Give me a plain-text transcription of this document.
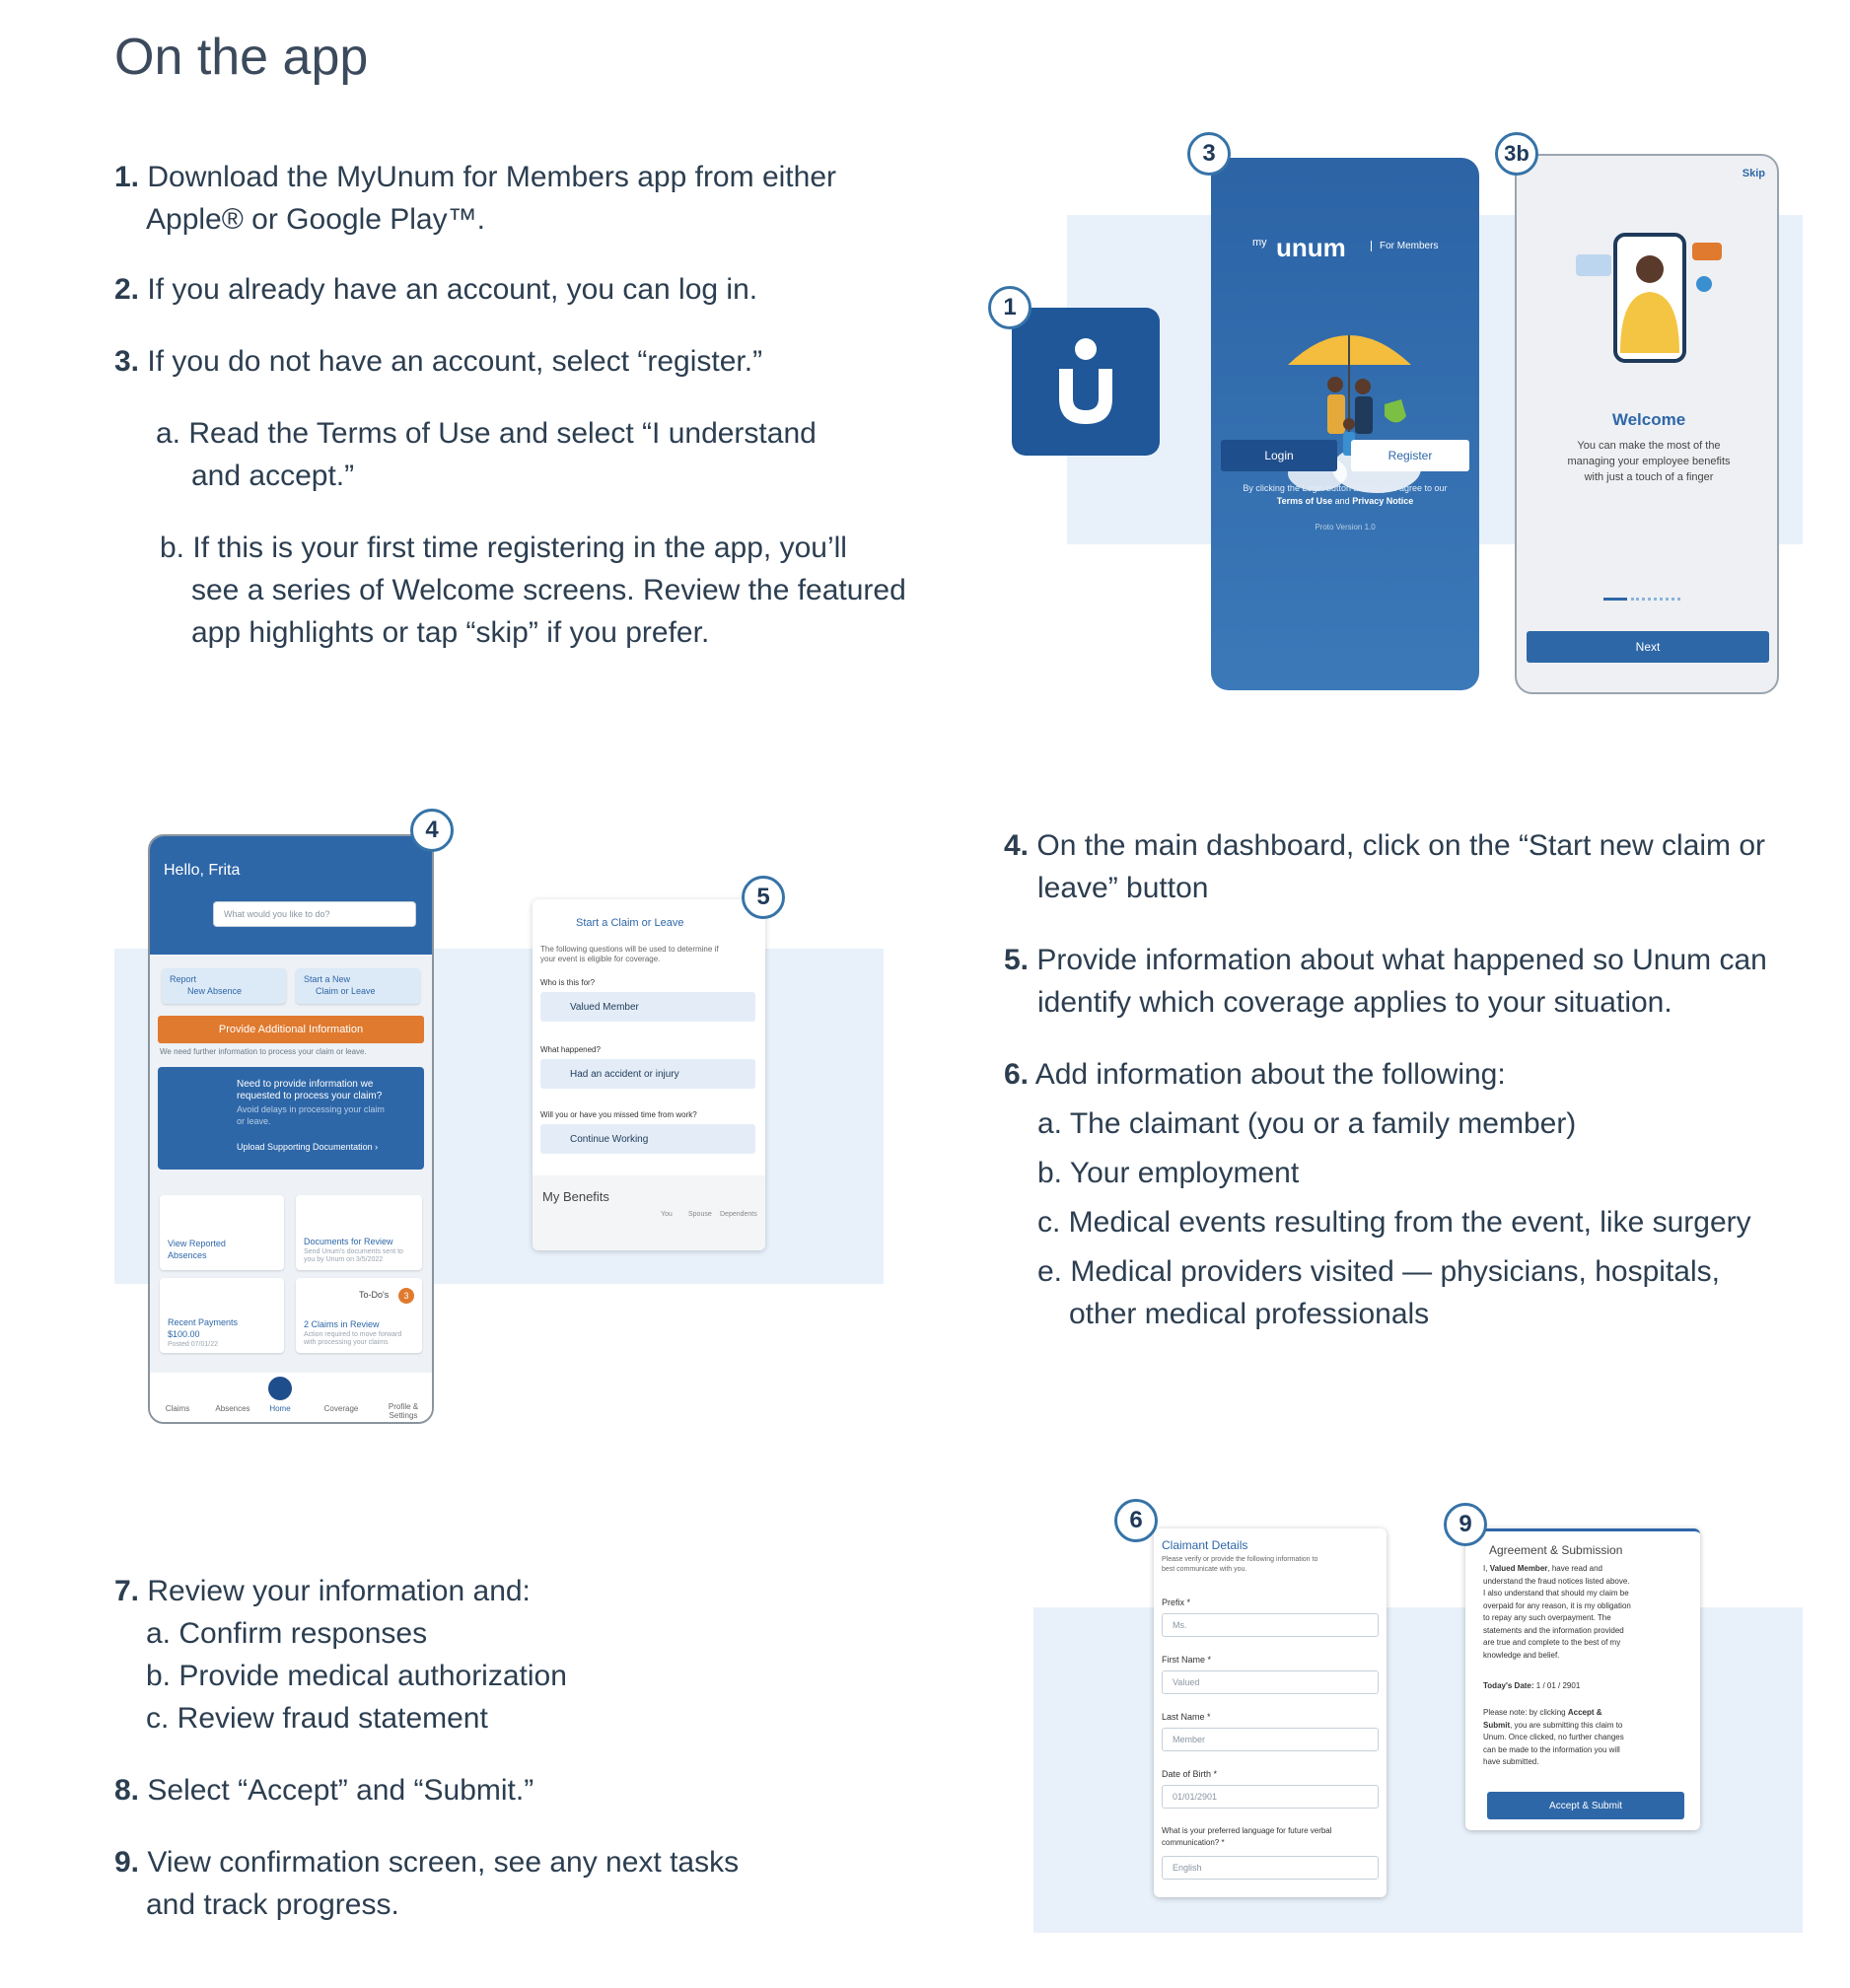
On the app
1. Download the MyUnum for Members app from either
Apple® or Google Play™.
2. If you already have an account, you can log in.
3. If you do not have an account, select “register.”
a. Read the Terms of Use and select “I understand
and accept.”
b. If this is your first time registering in the app, you’ll
see a series of Welcome screens. Review the featured
app highlights or tap “skip” if you prefer.
1
my unum	For Members
Login	Register
By clicking the Login button above, you agree to our
Terms of Use and Privacy Notice
Proto Version 1.0
3
Skip
Welcome
You can make the most of the
managing your employee benefits
with just a touch of a finger
Next
3b
Hello, Frita
What would you like to do?
Report
New Absence
Start a New
Claim or Leave
Provide Additional Information
We need further information to process your claim or leave.
Need to provide information we
requested to process your claim?
Avoid delays in processing your claim
or leave.
Upload Supporting Documentation ›
View Reported
Absences
Documents for Review
Send Unum's documents sent to
you by Unum on 3/5/2022
Recent Payments
$100.00
Posted 07/01/22
To-Do's	3
2 Claims in Review
Action required to move forward
with processing your claims
Claims	Absences	Home	Coverage	Profile & Settings
4
Start a Claim or Leave
The following questions will be used to determine if
your event is eligible for coverage.
Who is this for?
Valued Member
What happened?
Had an accident or injury
Will you or have you missed time from work?
Continue Working
My Benefits
You Spouse Dependents
5
4. On the main dashboard, click on the “Start new claim or
leave” button
5. Provide information about what happened so Unum can
identify which coverage applies to your situation.
6. Add information about the following:
a. The claimant (you or a family member)
b. Your employment
c. Medical events resulting from the event, like surgery
e. Medical providers visited — physicians, hospitals,
other medical professionals
7. Review your information and:
a. Confirm responses
b. Provide medical authorization
c. Review fraud statement
8. Select “Accept” and “Submit.”
9. View confirmation screen, see any next tasks
and track progress.
Claimant Details
Please verify or provide the following information to
best communicate with you.
Prefix *
Ms.
First Name *
Valued
Last Name *
Member
Date of Birth *
01/01/2901
What is your preferred language for future verbal
communication? *
English
6
Agreement & Submission
I, Valued Member, have read and
understand the fraud notices listed above.
I also understand that should my claim be
overpaid for any reason, it is my obligation
to repay any such overpayment. The
statements and the information provided
are true and complete to the best of my
knowledge and belief.
Today's Date: 1 / 01 / 2901
Please note: by clicking Accept &
Submit, you are submitting this claim to
Unum. Once clicked, no further changes
can be made to the information you will
have submitted.
Accept & Submit
9
